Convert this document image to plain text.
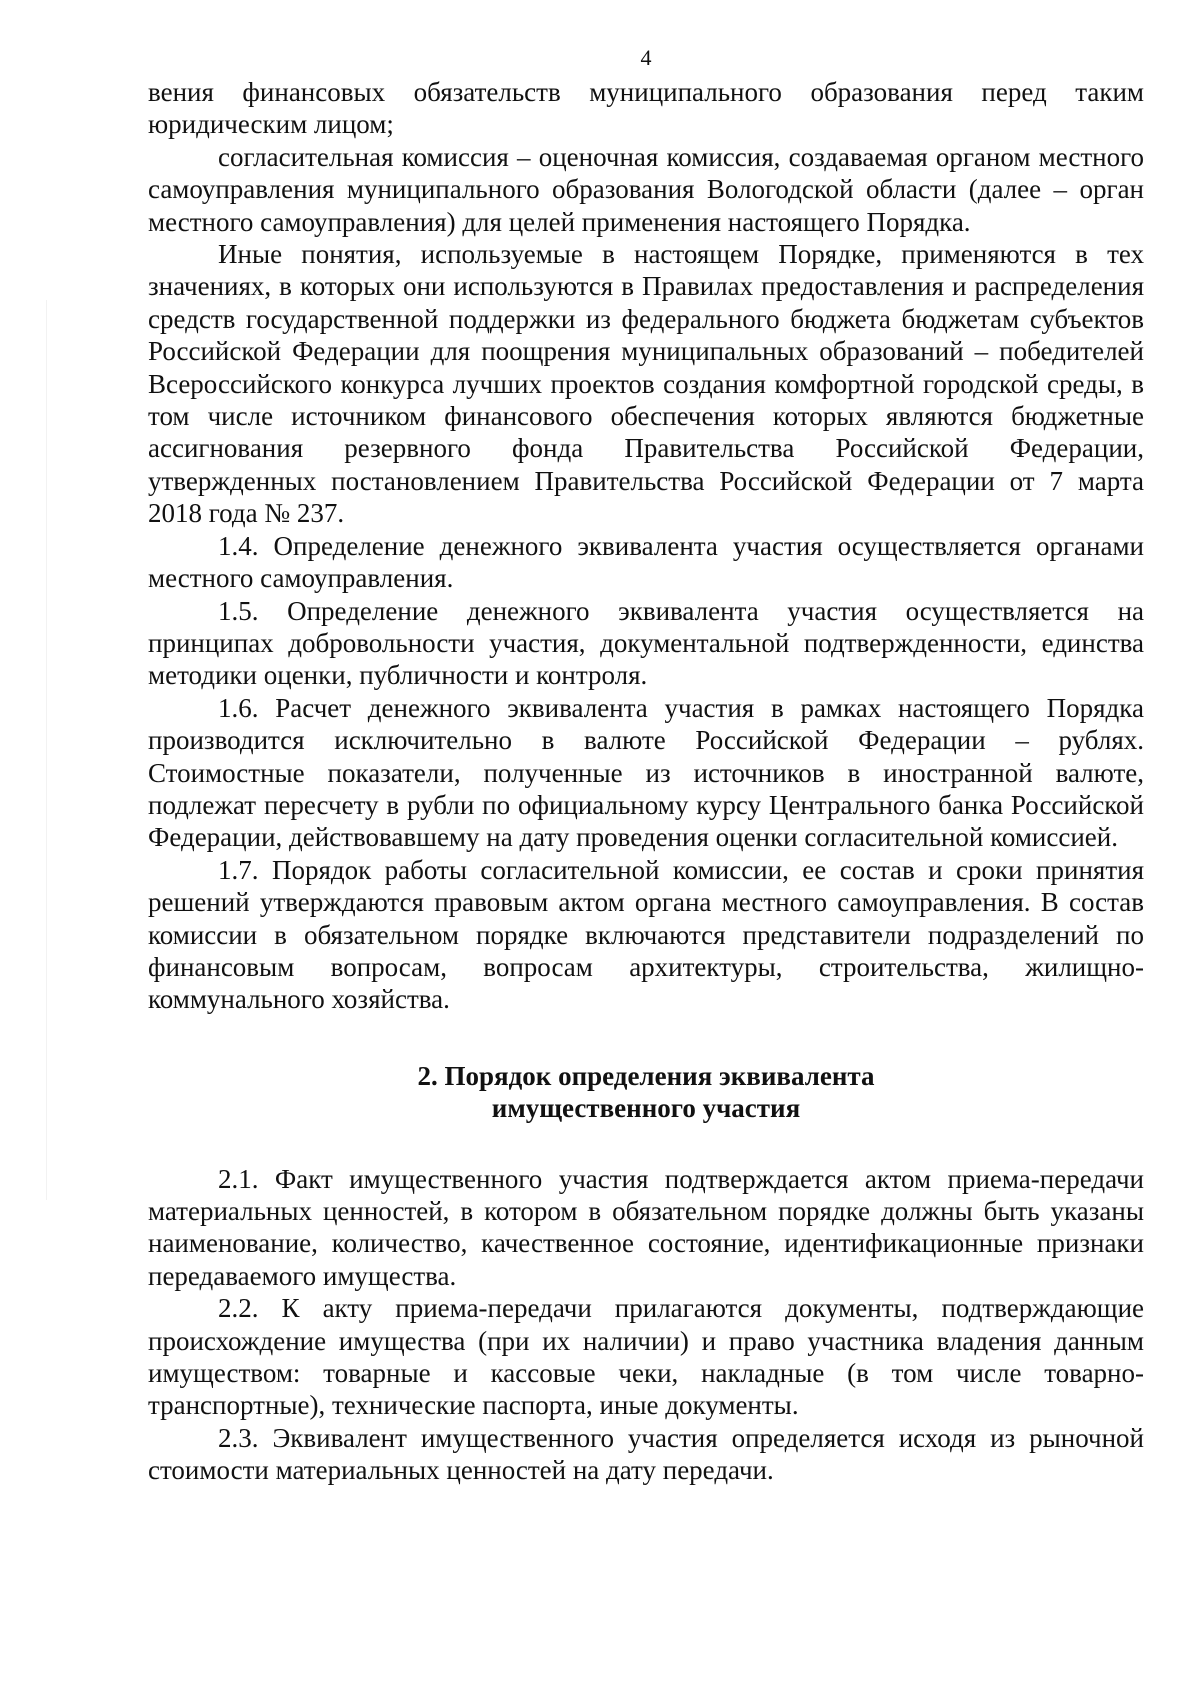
4

вения финансовых обязательств муниципального образования перед таким юридическим лицом;

согласительная комиссия – оценочная комиссия, создаваемая органом местного самоуправления муниципального образования Вологодской области (далее – орган местного самоуправления) для целей применения настоящего Порядка.

Иные понятия, используемые в настоящем Порядке, применяются в тех значениях, в которых они используются в Правилах предоставления и распределения средств государственной поддержки из федерального бюджета бюджетам субъектов Российской Федерации для поощрения муниципальных образований – победителей Всероссийского конкурса лучших проектов создания комфортной городской среды, в том числе источником финансового обеспечения которых являются бюджетные ассигнования резервного фонда Правительства Российской Федерации, утвержденных постановлением Правительства Российской Федерации от 7 марта 2018 года № 237.

1.4. Определение денежного эквивалента участия осуществляется органами местного самоуправления.

1.5. Определение денежного эквивалента участия осуществляется на принципах добровольности участия, документальной подтвержденности, единства методики оценки, публичности и контроля.

1.6. Расчет денежного эквивалента участия в рамках настоящего Порядка производится исключительно в валюте Российской Федерации – рублях. Стоимостные показатели, полученные из источников в иностранной валюте, подлежат пересчету в рубли по официальному курсу Центрального банка Российской Федерации, действовавшему на дату проведения оценки согласительной комиссией.

1.7. Порядок работы согласительной комиссии, ее состав и сроки принятия решений утверждаются правовым актом органа местного самоуправления. В состав комиссии в обязательном порядке включаются представители подразделений по финансовым вопросам, вопросам архитектуры, строительства, жилищно-коммунального хозяйства.

2. Порядок определения эквивалента
имущественного участия

2.1. Факт имущественного участия подтверждается актом приема-передачи материальных ценностей, в котором в обязательном порядке должны быть указаны наименование, количество, качественное состояние, идентификационные признаки передаваемого имущества.

2.2. К акту приема-передачи прилагаются документы, подтверждающие происхождение имущества (при их наличии) и право участника владения данным имуществом: товарные и кассовые чеки, накладные (в том числе товарно-транспортные), технические паспорта, иные документы.

2.3. Эквивалент имущественного участия определяется исходя из рыночной стоимости материальных ценностей на дату передачи.
